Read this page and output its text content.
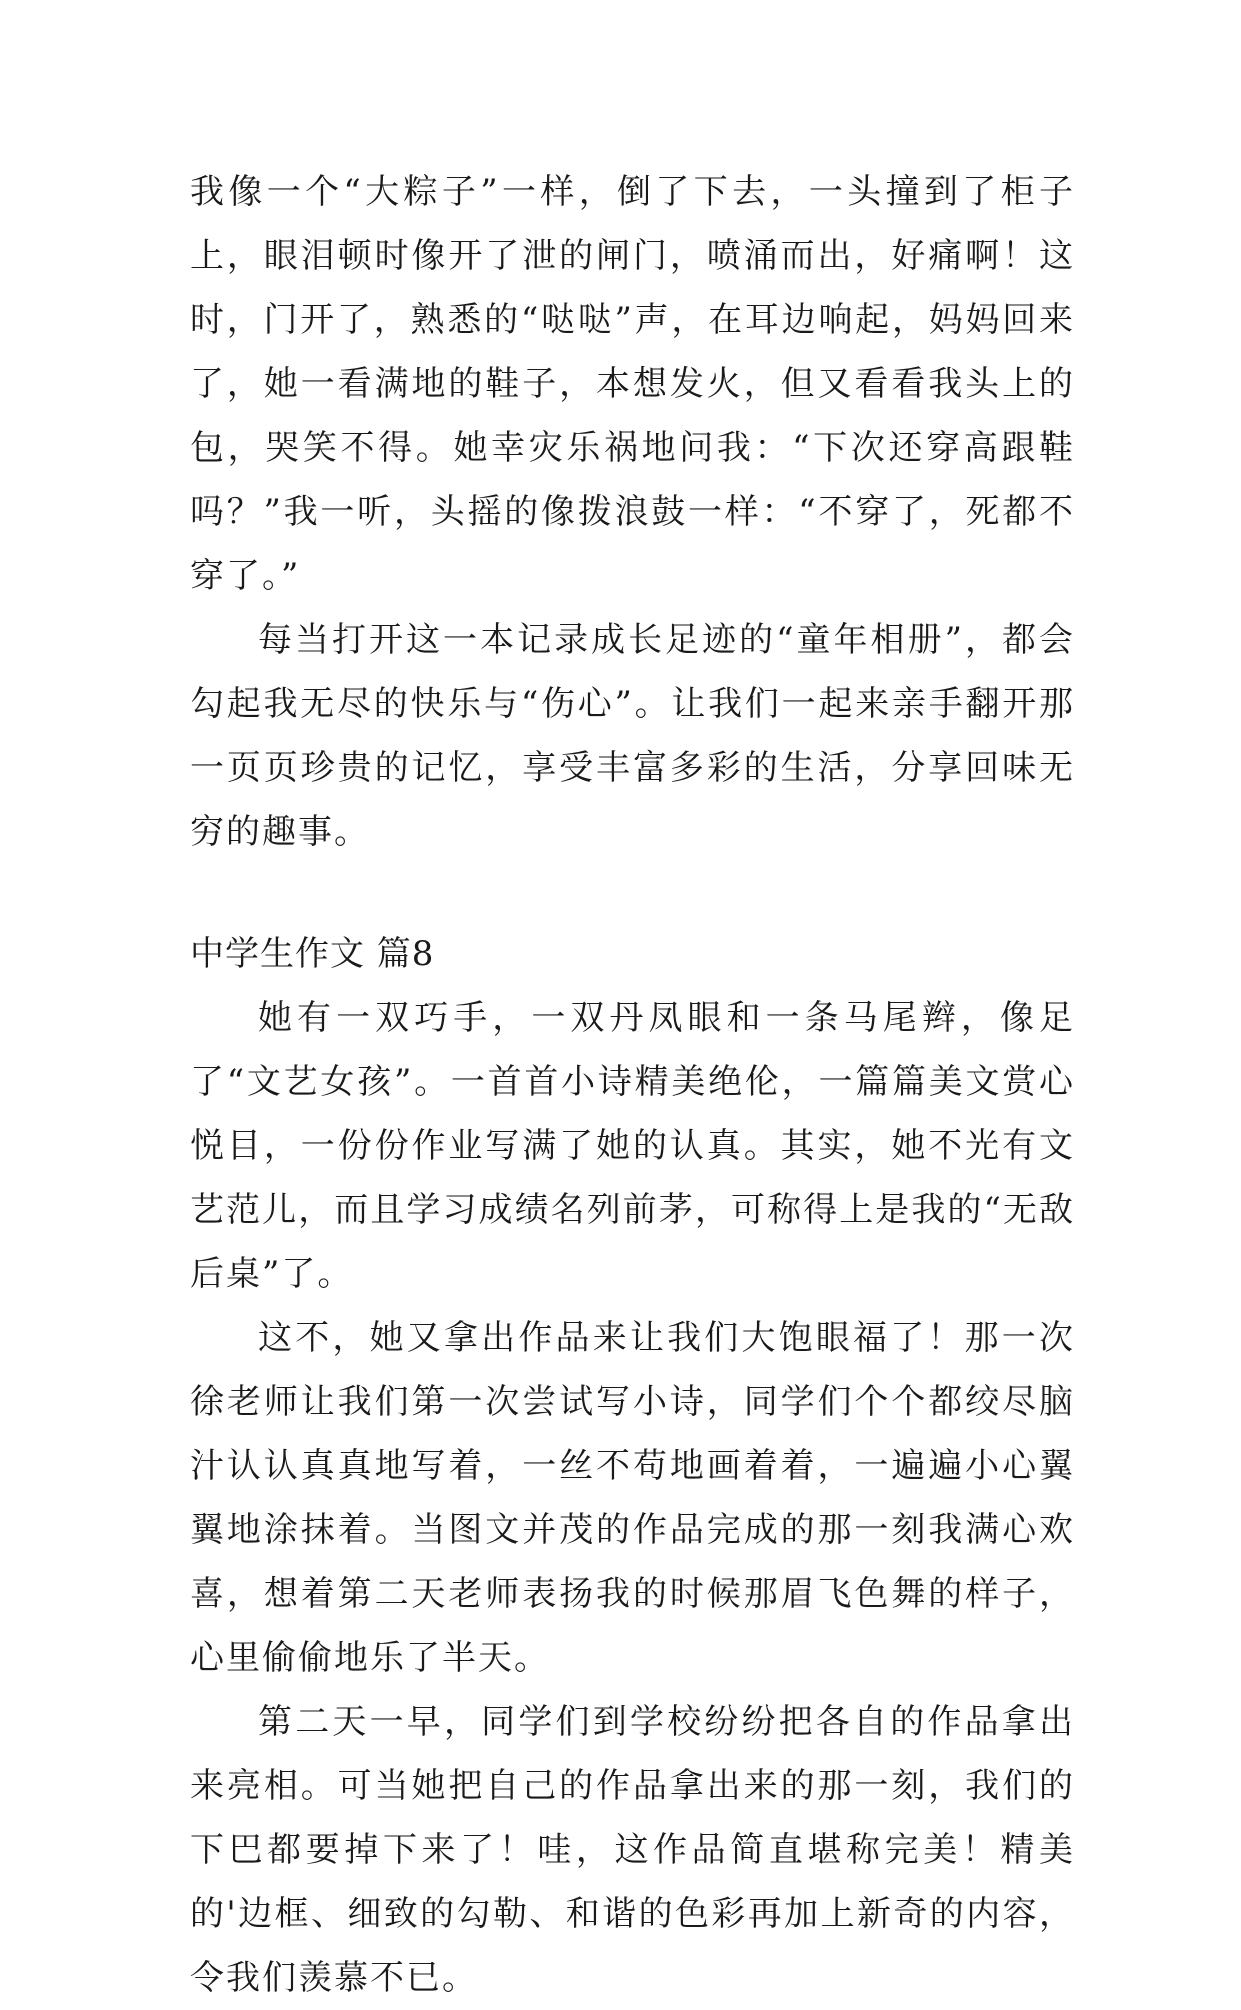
我像一个“大粽子”一样，倒了下去，一头撞到了柜子上，眼泪顿时像开了泄的闸门，喷涌而出，好痛啊！这时，门开了，熟悉的“哒哒”声，在耳边响起，妈妈回来了，她一看满地的鞋子，本想发火，但又看看我头上的包，哭笑不得。她幸灾乐祸地问我：“下次还穿高跟鞋吗？”我一听，头摇的像拨浪鼓一样：“不穿了，死都不穿了。”

每当打开这一本记录成长足迹的“童年相册”，都会勾起我无尽的快乐与“伤心”。让我们一起来亲手翻开那一页页珍贵的记忆，享受丰富多彩的生活，分享回味无穷的趣事。

中学生作文 篇8

她有一双巧手，一双丹凤眼和一条马尾辫，像足了“文艺女孩”。一首首小诗精美绝伦，一篇篇美文赏心悦目，一份份作业写满了她的认真。其实，她不光有文艺范儿，而且学习成绩名列前茅，可称得上是我的“无敌后桌”了。

这不，她又拿出作品来让我们大饱眼福了！那一次徐老师让我们第一次尝试写小诗，同学们个个都绞尽脑汁认认真真地写着，一丝不苟地画着着，一遍遍小心翼翼地涂抹着。当图文并茂的作品完成的那一刻我满心欢喜，想着第二天老师表扬我的时候那眉飞色舞的样子，心里偷偷地乐了半天。

第二天一早，同学们到学校纷纷把各自的作品拿出来亮相。可当她把自己的作品拿出来的那一刻，我们的下巴都要掉下来了！哇，这作品简直堪称完美！精美的'边框、细致的勾勒、和谐的色彩再加上新奇的内容，令我们羡慕不已。
